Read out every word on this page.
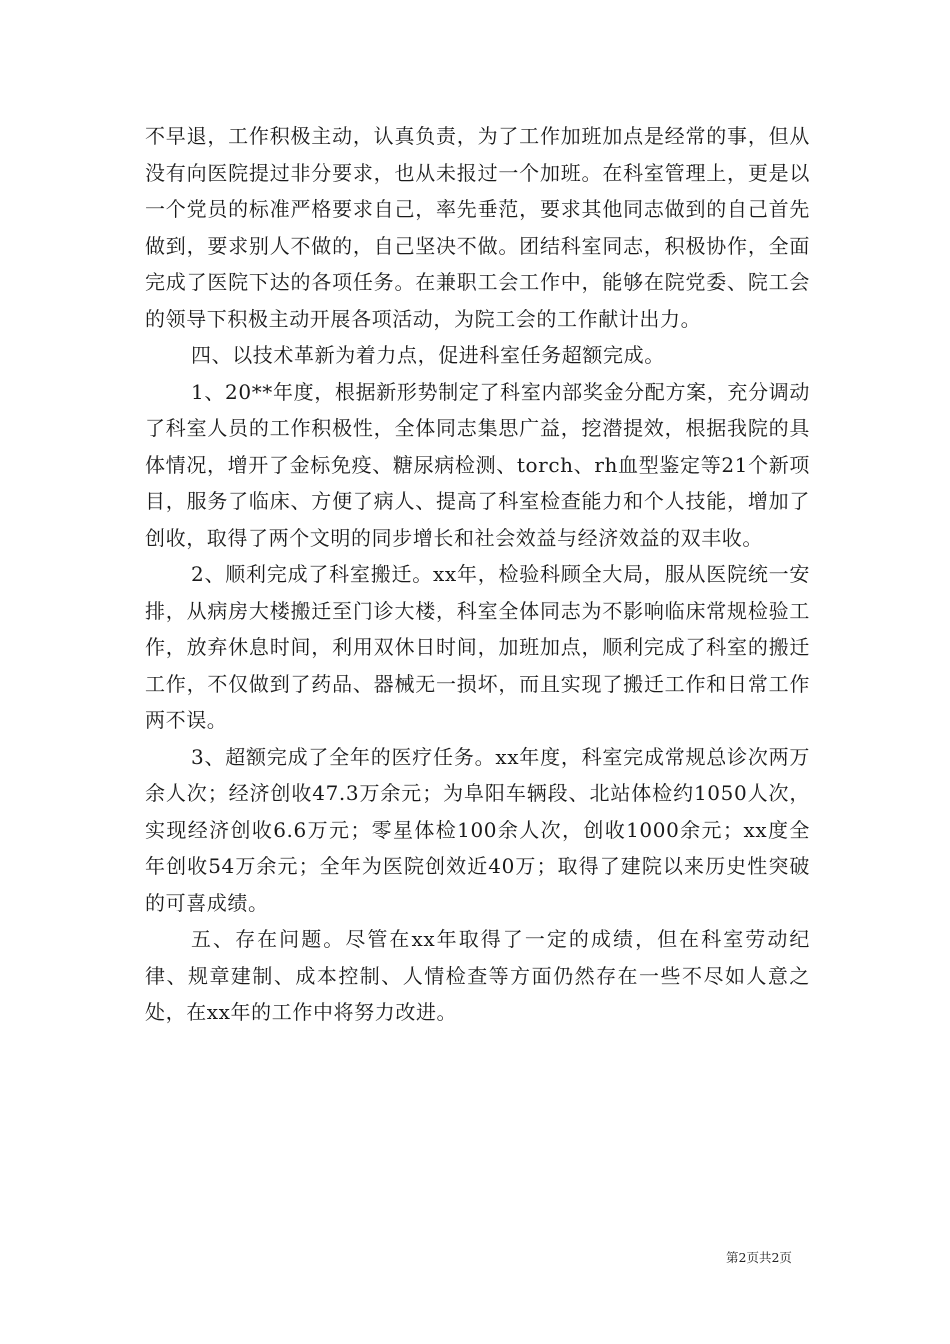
不早退，工作积极主动，认真负责，为了工作加班加点是经常的事，但从没有向医院提过非分要求，也从未报过一个加班。在科室管理上，更是以一个党员的标准严格要求自己，率先垂范，要求其他同志做到的自己首先做到，要求别人不做的，自己坚决不做。团结科室同志，积极协作，全面完成了医院下达的各项任务。在兼职工会工作中，能够在院党委、院工会的领导下积极主动开展各项活动，为院工会的工作献计出力。

四、以技术革新为着力点，促进科室任务超额完成。

1、20**年度，根据新形势制定了科室内部奖金分配方案，充分调动了科室人员的工作积极性，全体同志集思广益，挖潜提效，根据我院的具体情况，增开了金标免疫、糖尿病检测、torch、rh血型鉴定等21个新项目，服务了临床、方便了病人、提高了科室检查能力和个人技能，增加了创收，取得了两个文明的同步增长和社会效益与经济效益的双丰收。

2、顺利完成了科室搬迁。xx年，检验科顾全大局，服从医院统一安排，从病房大楼搬迁至门诊大楼，科室全体同志为不影响临床常规检验工作，放弃休息时间，利用双休日时间，加班加点，顺利完成了科室的搬迁工作，不仅做到了药品、器械无一损坏，而且实现了搬迁工作和日常工作两不误。

3、超额完成了全年的医疗任务。xx年度，科室完成常规总诊次两万余人次；经济创收47.3万余元；为阜阳车辆段、北站体检约1050人次，实现经济创收6.6万元；零星体检100余人次，创收1000余元；xx度全年创收54万余元；全年为医院创效近40万；取得了建院以来历史性突破的可喜成绩。

五、存在问题。尽管在xx年取得了一定的成绩，但在科室劳动纪律、规章建制、成本控制、人情检查等方面仍然存在一些不尽如人意之处，在xx年的工作中将努力改进。

第2页共2页
